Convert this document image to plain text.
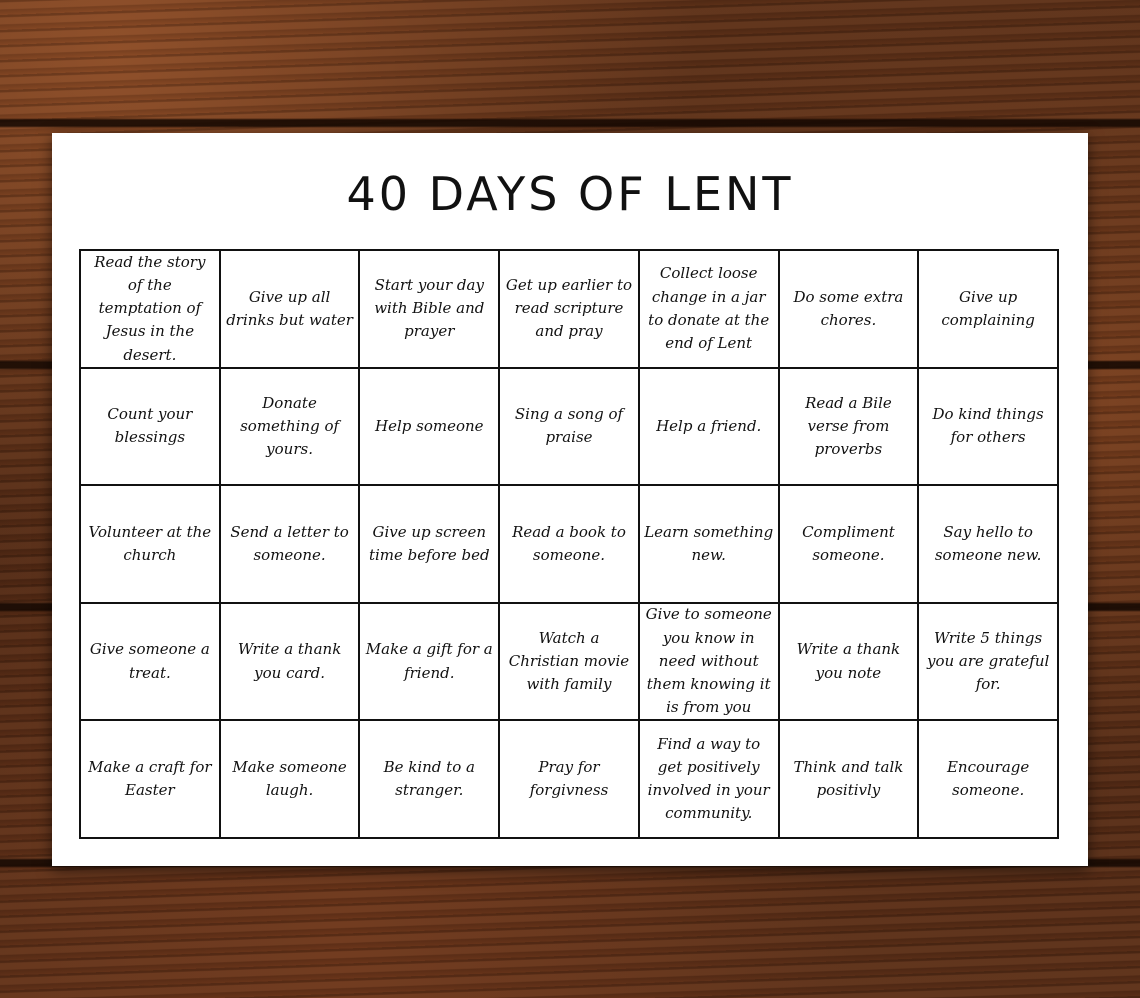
40 DAYS OF LENT
Read the story of the temptation of Jesus in the desert.
Give up all drinks but water
Start your day with Bible and prayer
Get up earlier to read scripture and pray
Collect loose change in a jar to donate at the end of Lent
Do some extra chores.
Give up complaining
Count your blessings
Donate something of yours.
Help someone
Sing a song of praise
Help a friend.
Read a Bile verse from proverbs
Do kind things for others
Volunteer at the church
Send a letter to someone.
Give up screen time before bed
Read a book to someone.
Learn something new.
Compliment someone.
Say hello to someone new.
Give someone a treat.
Write a thank you card.
Make a gift for a friend.
Watch a Christian movie with family
Give to someone you know in need without them knowing it is from you
Write a thank you note
Write 5 things you are grateful for.
Make a craft for Easter
Make someone laugh.
Be kind to a stranger.
Pray for forgivness
Find a way to get positively involved in your community.
Think and talk positivly
Encourage someone.
